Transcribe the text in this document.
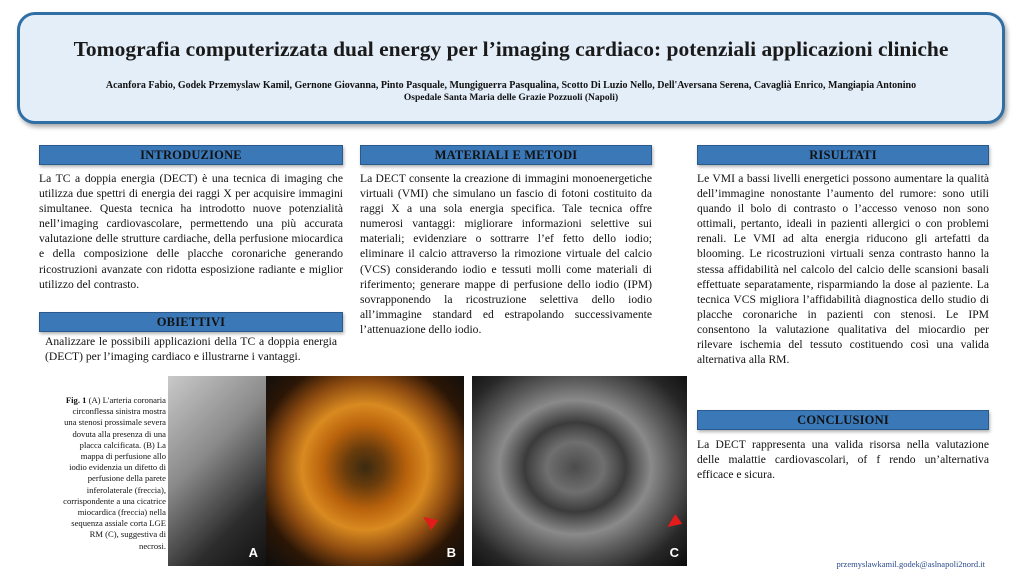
Tomografia computerizzata dual energy per l’imaging cardiaco: potenziali applicazioni cliniche
Acanfora Fabio, Godek Przemyslaw Kamil, Gernone Giovanna, Pinto Pasquale, Mungiguerra Pasqualina, Scotto Di Luzio Nello, Dell'Aversana Serena, Cavaglià Enrico, Mangiapia Antonino
Ospedale Santa Maria delle Grazie Pozzuoli (Napoli)
INTRODUZIONE
La TC a doppia energia (DECT) è una tecnica di imaging che utilizza due spettri di energia dei raggi X per acquisire immagini simultanee. Questa tecnica ha introdotto nuove potenzialità nell’imaging cardiovascolare, permettendo una più accurata valutazione delle strutture cardiache, della perfusione miocardica e della composizione delle placche coronariche generando ricostruzioni avanzate con ridotta esposizione radiante e miglior utilizzo del contrasto.
OBIETTIVI
Analizzare le possibili applicazioni della TC a doppia energia (DECT) per l’imaging cardiaco e illustrarne i vantaggi.
MATERIALI E METODI
La DECT consente la creazione di immagini monoenergetiche virtuali (VMI) che simulano un fascio di fotoni costituito da raggi X a una sola energia specifica. Tale tecnica offre numerosi vantaggi: migliorare informazioni selettive sui materiali; evidenziare o sottrarre l’ef fetto dello iodio; eliminare il calcio attraverso la rimozione virtuale del calcio (VCS) considerando iodio e tessuti molli come materiali di riferimento; generare mappe di perfusione dello iodio (IPM) sovrapponendo la ricostruzione selettiva dello iodio all’immagine standard ed estrapolando successivamente l’attenuazione dello iodio.
RISULTATI
Le VMI a bassi livelli energetici possono aumentare la qualità dell’immagine nonostante l’aumento del rumore: sono utili quando il bolo di contrasto o l’accesso venoso non sono ottimali, pertanto, ideali in pazienti allergici o con problemi renali. Le VMI ad alta energia riducono gli artefatti da blooming. Le ricostruzioni virtuali senza contrasto hanno la stessa affidabilità nel calcolo del calcio delle scansioni basali effettuate separatamente, risparmiando la dose al paziente. La tecnica VCS migliora l’affidabilità diagnostica dello studio di placche coronariche in pazienti con stenosi. Le IPM consentono la valutazione qualitativa del miocardio per rilevare ischemia del tessuto costituendo così una valida alternativa alla RM.
CONCLUSIONI
La DECT rappresenta una valida risorsa nella valutazione delle malattie cardiovascolari, of f rendo un’alternativa efficace e sicura.
Fig. 1 (A) L'arteria coronaria circonflessa sinistra mostra una stenosi prossimale severa dovuta alla presenza di una placca calcificata. (B) La mappa di perfusione allo iodio evidenzia un difetto di perfusione della parete inferolaterale (freccia), corrispondente a una cicatrice miocardica (freccia) nella sequenza assiale corta LGE RM (C), suggestiva di necrosi.	A	B	C
przemyslawkamil.godek@aslnapoli2nord.it
